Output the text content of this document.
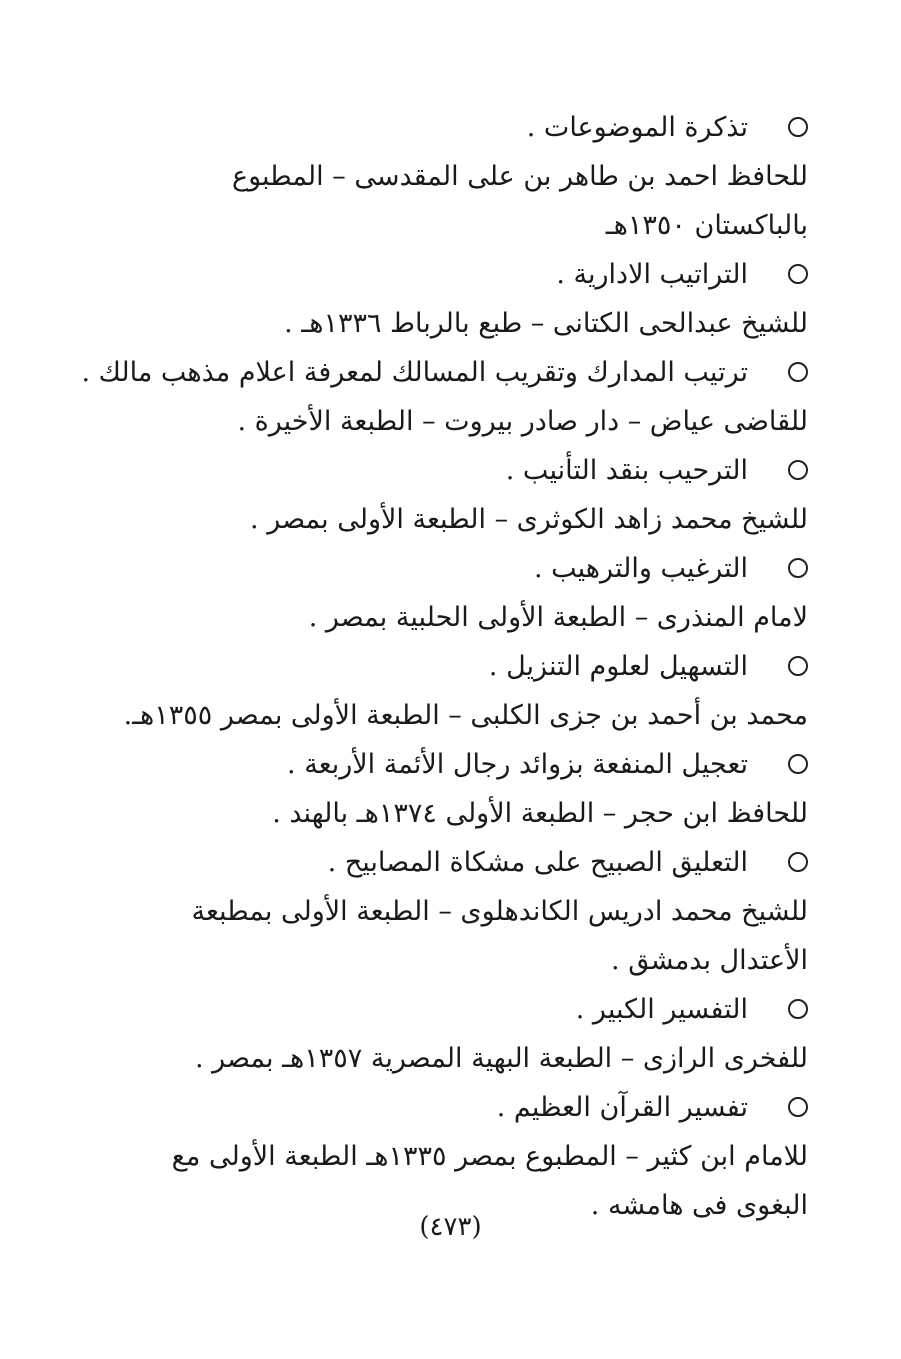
تذكرة الموضوعات .
للحافظ احمد بن طاهر بن على المقدسى – المطبوع بالباكستان ١٣٥٠هـ
التراتيب الادارية .
للشيخ عبدالحى الكتانى – طبع بالرباط ١٣٣٦هـ .
ترتيب المدارك وتقريب المسالك لمعرفة اعلام مذهب مالك .
للقاضى عياض – دار صادر بيروت – الطبعة الأخيرة .
الترحيب بنقد التأنيب .
للشيخ محمد زاهد الكوثرى – الطبعة الأولى بمصر .
الترغيب والترهيب .
لامام المنذرى – الطبعة الأولى الحلبية بمصر .
التسهيل لعلوم التنزيل .
محمد بن أحمد بن جزى الكلبى – الطبعة الأولى بمصر ١٣٥٥هـ.
تعجيل المنفعة بزوائد رجال الأئمة الأربعة .
للحافظ ابن حجر – الطبعة الأولى ١٣٧٤هـ بالهند .
التعليق الصبيح على مشكاة المصابيح .
للشيخ محمد ادريس الكاندهلوى – الطبعة الأولى بمطبعة الأعتدال بدمشق .
التفسير الكبير .
للفخرى الرازى – الطبعة البهية المصرية ١٣٥٧هـ بمصر .
تفسير القرآن العظيم .
للامام ابن كثير – المطبوع بمصر ١٣٣٥هـ الطبعة الأولى مع البغوى فى هامشه .
(٤٧٣)
